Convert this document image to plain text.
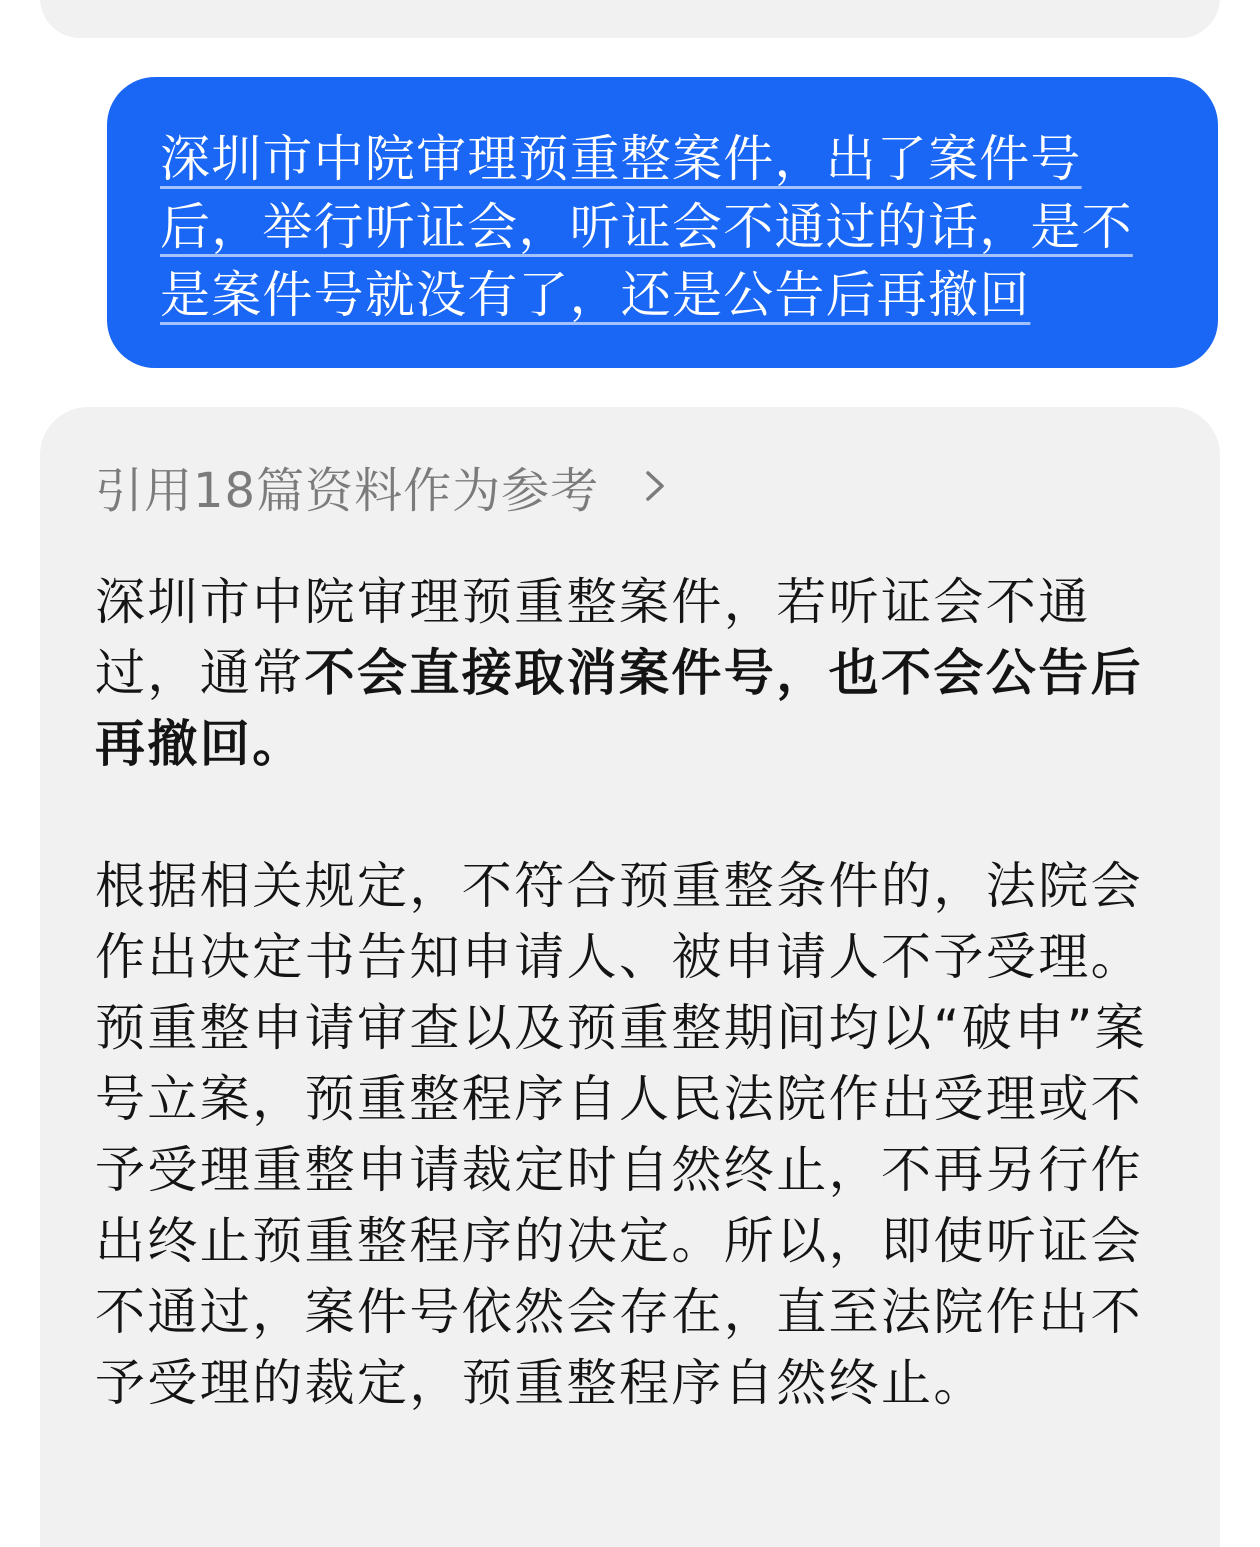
深圳市中院审理预重整案件，出了案件号后，举行听证会，听证会不通过的话，是不是案件号就没有了，还是公告后再撤回
引用18篇资料作为参考

深圳市中院审理预重整案件，若听证会不通过，通常不会直接取消案件号，也不会公告后再撤回。

根据相关规定，不符合预重整条件的，法院会作出决定书告知申请人、被申请人不予受理。预重整申请审查以及预重整期间均以“破申”案号立案，预重整程序自人民法院作出受理或不予受理重整申请裁定时自然终止，不再另行作出终止预重整程序的决定。所以，即使听证会不通过，案件号依然会存在，直至法院作出不予受理的裁定，预重整程序自然终止。
